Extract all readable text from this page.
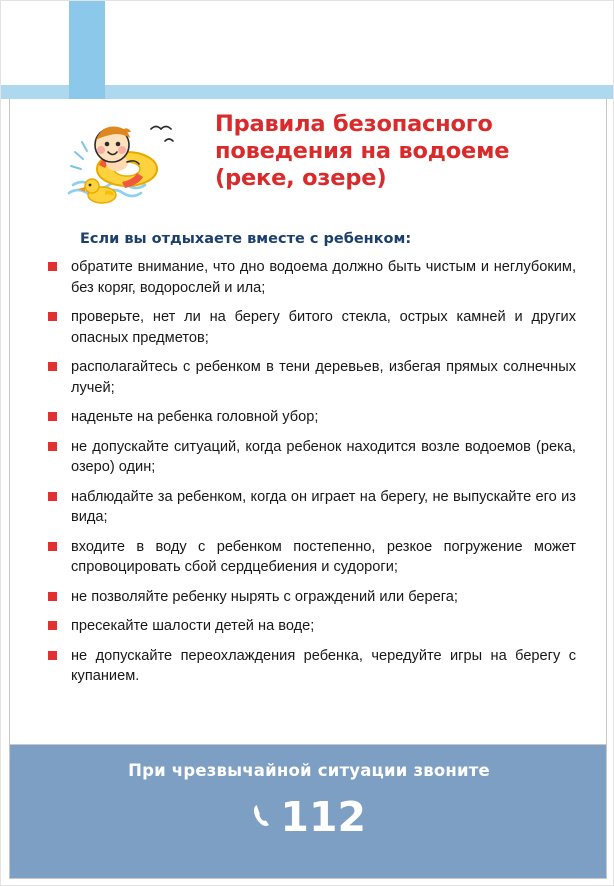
Правила безопасного
поведения на водоеме
(реке, озере)
Если вы отдыхаете вместе с ребенком:
обратите внимание, что дно водоема должно быть чистым и неглубоким, без коряг, водорослей и ила;
проверьте, нет ли на берегу битого стекла, острых камней и других опасных предметов;
располагайтесь с ребенком в тени деревьев, избегая прямых солнечных лучей;
наденьте на ребенка головной убор;
не допускайте ситуаций, когда ребенок находится возле водоемов (река, озеро) один;
наблюдайте за ребенком, когда он играет на берегу, не выпускайте его из вида;
входите в воду с ребенком постепенно, резкое погружение может спровоцировать сбой сердцебиения и судороги;
не позволяйте ребенку нырять с ограждений или берега;
пресекайте шалости детей на воде;
не допускайте переохлаждения ребенка, чередуйте игры на берегу с купанием.
При чрезвычайной ситуации звоните
112
